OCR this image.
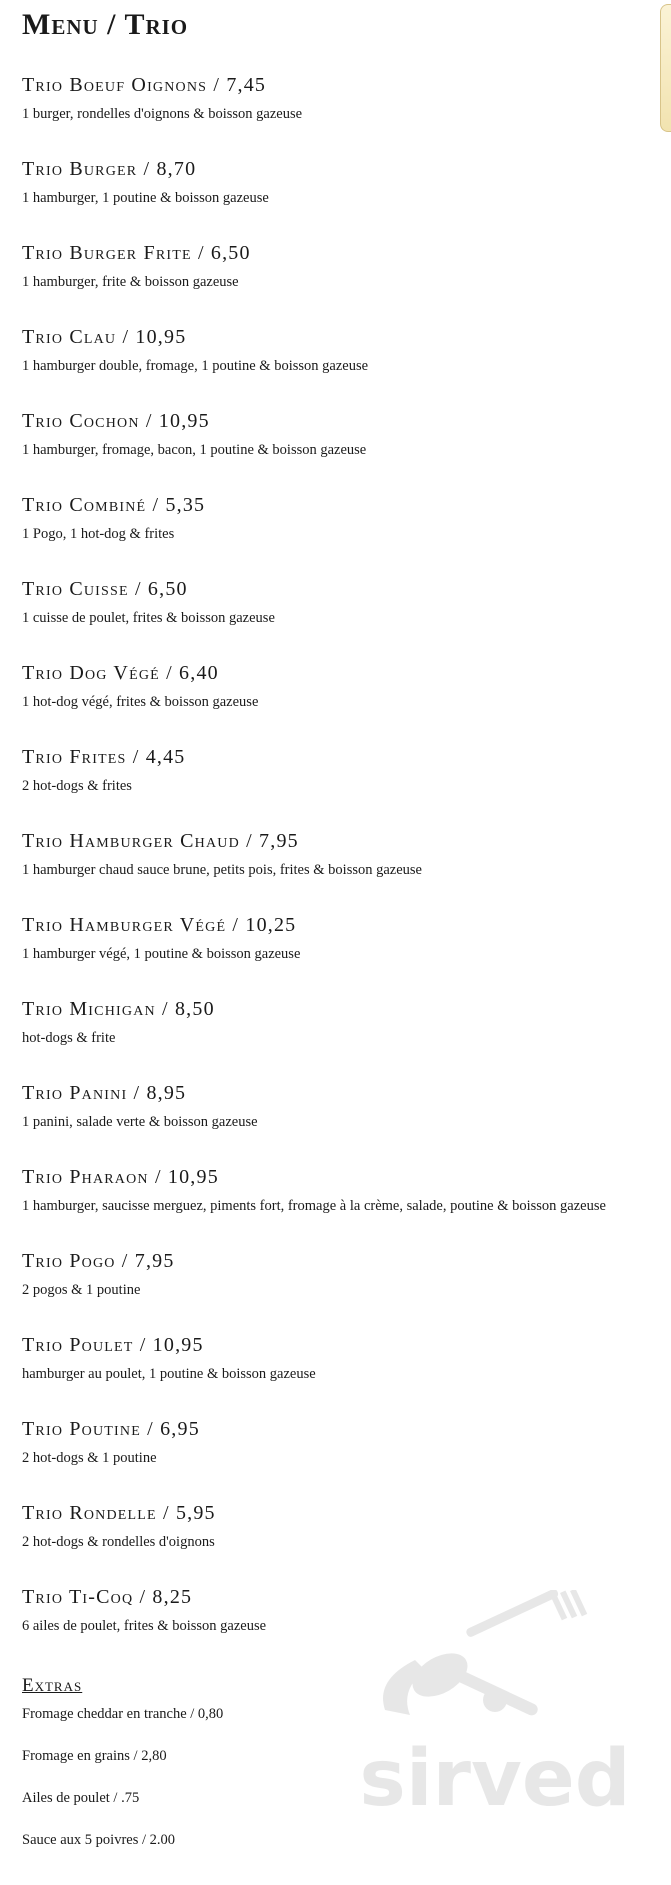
Menu / Trio
Trio Boeuf Oignons / 7,45
1 burger, rondelles d'oignons & boisson gazeuse
Trio Burger / 8,70
1 hamburger, 1 poutine & boisson gazeuse
Trio Burger Frite / 6,50
1 hamburger, frite & boisson gazeuse
Trio Clau / 10,95
1 hamburger double, fromage, 1 poutine & boisson gazeuse
Trio Cochon / 10,95
1 hamburger, fromage, bacon, 1 poutine & boisson gazeuse
Trio Combiné / 5,35
1 Pogo, 1 hot-dog & frites
Trio Cuisse / 6,50
1 cuisse de poulet, frites & boisson gazeuse
Trio Dog Végé / 6,40
1 hot-dog végé, frites & boisson gazeuse
Trio Frites / 4,45
2 hot-dogs & frites
Trio Hamburger Chaud / 7,95
1 hamburger chaud sauce brune, petits pois, frites & boisson gazeuse
Trio Hamburger Végé / 10,25
1 hamburger végé, 1 poutine & boisson gazeuse
Trio Michigan / 8,50
hot-dogs & frite
Trio Panini / 8,95
1 panini, salade verte & boisson gazeuse
Trio Pharaon / 10,95
1 hamburger, saucisse merguez, piments fort, fromage à la crème, salade, poutine & boisson gazeuse
Trio Pogo / 7,95
2 pogos & 1 poutine
Trio Poulet / 10,95
hamburger au poulet, 1 poutine & boisson gazeuse
Trio Poutine / 6,95
2 hot-dogs & 1 poutine
Trio Rondelle / 5,95
2 hot-dogs & rondelles d'oignons
Trio Ti-Coq / 8,25
6 ailes de poulet, frites & boisson gazeuse
Extras
Fromage cheddar en tranche / 0,80
Fromage en grains / 2,80
Ailes de poulet / .75
Sauce aux 5 poivres / 2.00
sirved
